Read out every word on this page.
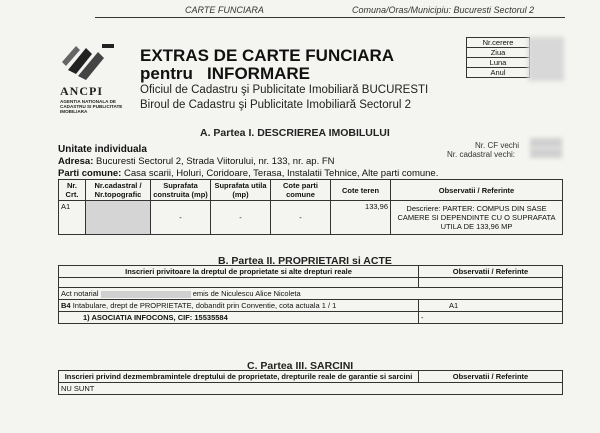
CARTE FUNCIARA	Comuna/Oras/Municipiu: Bucuresti Sectorul 2
ANCPI
AGENTIA NATIONALA DE CADASTRU SI PUBLICITATE IMOBILIARA
EXTRAS DE CARTE FUNCIARA
pentru   INFORMARE
Oficiul de Cadastru şi Publicitate Imobiliară BUCURESTI
Biroul de Cadastru şi Publicitate Imobiliară Sectorul 2
Nr.cerere
Ziua
Luna
Anul
A. Partea I. DESCRIEREA IMOBILULUI
Nr. CF vechi
Nr. cadastral vechi:
Unitate individuala
Adresa: Bucuresti Sectorul 2, Strada Viitorului, nr. 133, nr. ap. FN
Parti comune: Casa scarii, Holuri, Coridoare, Terasa, Instalatii Tehnice, Alte parti comune.
Nr. Crt.	Nr.cadastral / Nr.topografic	Suprafata construita (mp)	Suprafata utila (mp)	Cote parti comune	Cote teren	Observatii / Referinte
A1		-	-	-	133,96	Descriere: PARTER: COMPUS DIN SASE CAMERE SI DEPENDINTE CU O SUPRAFATA UTILA DE 133,96 MP
B. Partea II. PROPRIETARI si ACTE
Inscrieri privitoare la dreptul de proprietate si alte drepturi reale	Observatii / Referinte

Act notarial emis de Niculescu Alice Nicoleta	
B4 Intabulare, drept de PROPRIETATE, dobandit prin Conventie, cota actuala 1 / 1	A1
1) ASOCIATIA INFOCONS, CIF: 15535584	-
C. Partea III. SARCINI
Inscrieri privind dezmembramintele dreptului de proprietate, drepturile reale de garantie si sarcini	Observatii / Referinte
NU SUNT
